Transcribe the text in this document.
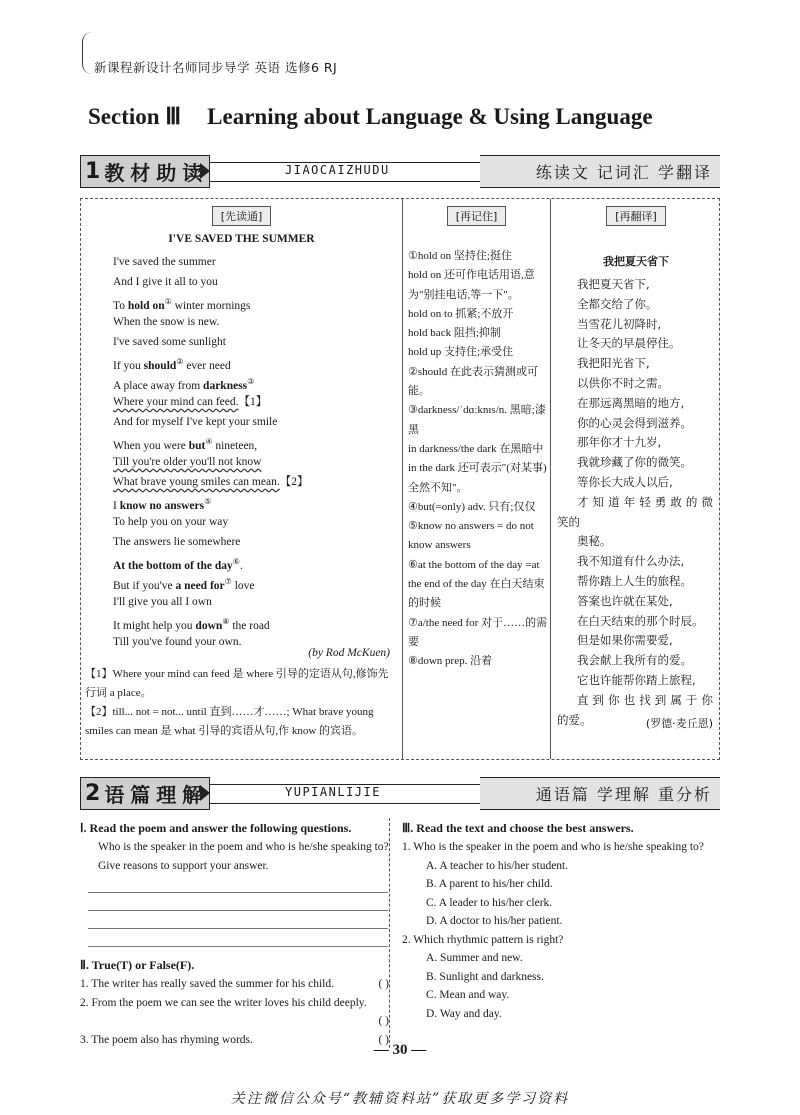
新课程新设计名师同步导学 英语 选修6 RJ
Section Ⅲ Learning about Language & Using Language
1 教材助读	JIAOCAIZHUDU	练读文 记词汇 学翻译
[先读通]
I'VE SAVED THE SUMMER
I've saved the summer
And I give it all to you
To hold on① winter mornings
When the snow is new.
I've saved some sunlight
If you should② ever need
A place away from darkness③
Where your mind can feed.【1】
And for myself I've kept your smile
When you were but④ nineteen,
Till you're older you'll not know
What brave young smiles can mean.【2】
I know no answers⑤
To help you on your way
The answers lie somewhere
At the bottom of the day⑥.
But if you've a need for⑦ love
I'll give you all I own
It might help you down⑧ the road
Till you've found your own.
(by Rod McKuen)
【1】Where your mind can feed 是 where 引导的定语从句,修饰先行词 a place。
【2】till... not = not... until 直到……才……; What brave young smiles can mean 是 what 引导的宾语从句,作 know 的宾语。
[再记住]
①hold on 坚持住;挺住
hold on 还可作电话用语,意为"别挂电话,等一下"。
hold on to 抓紧;不放开
hold back 阻挡;抑制
hold up 支持住;承受住
②should 在此表示猜测或可能。
③darkness/ˈdɑːknɪs/n. 黑暗;漆黑
in darkness/the dark 在黑暗中
in the dark 还可表示"(对某事)全然不知"。
④but(=only) adv. 只有;仅仅
⑤know no answers = do not know answers
⑥at the bottom of the day =at the end of the day 在白天结束的时候
⑦a/the need for 对于……的需要
⑧down prep. 沿着
[再翻译]
我把夏天省下
我把夏天省下,
全都交给了你。
当雪花儿初降时,
让冬天的早晨停住。
我把阳光省下,
以供你不时之需。
在那远离黑暗的地方,
你的心灵会得到滋养。
那年你才十九岁,
我就珍藏了你的微笑。
等你长大成人以后,
才知道年轻勇敢的微
笑的
奥秘。
我不知道有什么办法,
帮你踏上人生的旅程。
答案也许就在某处,
在白天结束的那个时辰。
但是如果你需要爱,
我会献上我所有的爱。
它也许能帮你踏上旅程,
直到你也找到属于你
的爱。	(罗德·麦丘恩)
2 语篇理解	YUPIANLIJIE	通语篇 学理解 重分析
Ⅰ. Read the poem and answer the following questions.
Who is the speaker in the poem and who is he/she speaking to? Give reasons to support your answer.
Ⅱ. True(T) or False(F).
1. The writer has really saved the summer for his child.	( )
2. From the poem we can see the writer loves his child deeply.
( )
3. The poem also has rhyming words.	( )
Ⅲ. Read the text and choose the best answers.
1. Who is the speaker in the poem and who is he/she speaking to?
A. A teacher to his/her student.
B. A parent to his/her child.
C. A leader to his/her clerk.
D. A doctor to his/her patient.
2. Which rhythmic pattern is right?
A. Summer and new.
B. Sunlight and darkness.
C. Mean and way.
D. Way and day.
— 30 —
关注微信公众号“教辅资料站”获取更多学习资料
